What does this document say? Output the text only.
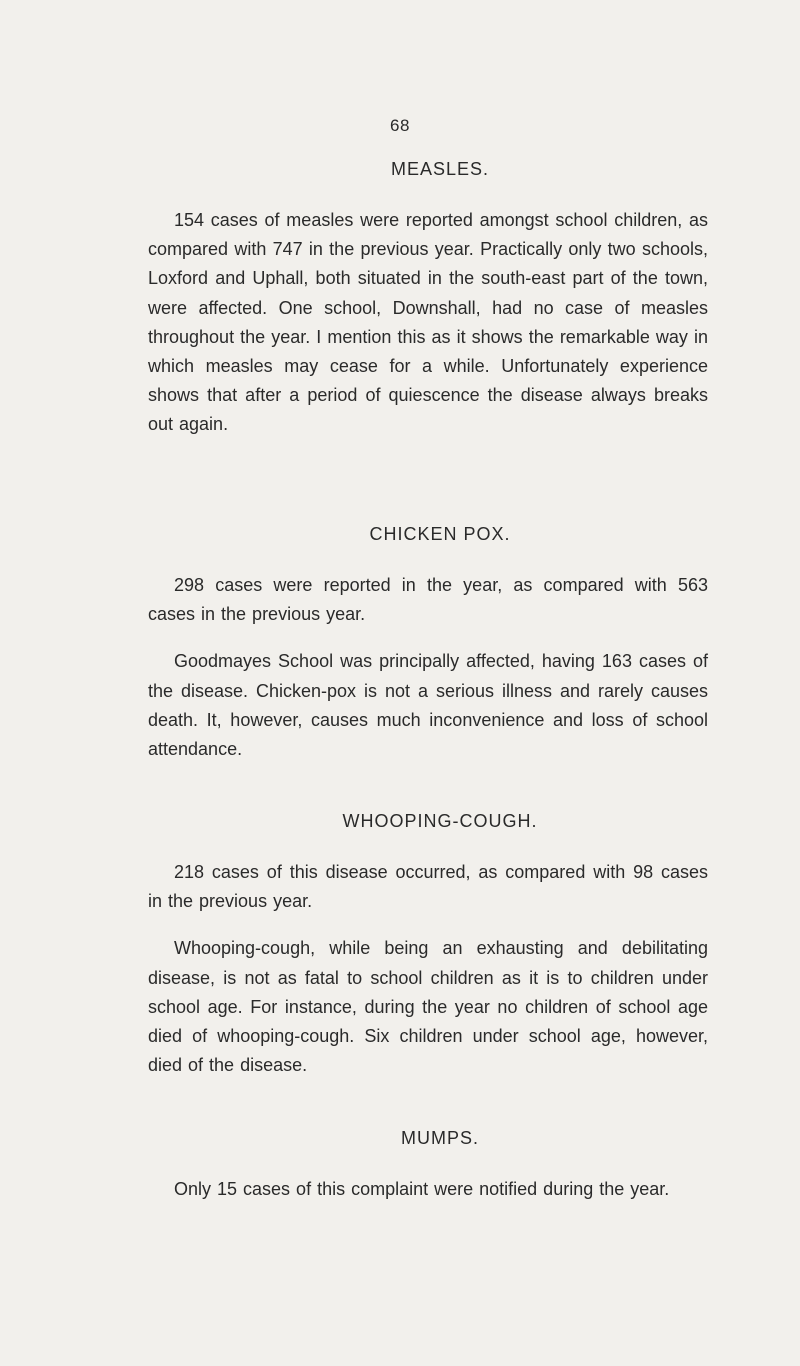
68
MEASLES.

154 cases of measles were reported amongst school children, as compared with 747 in the previous year. Practically only two schools, Loxford and Uphall, both situated in the south-east part of the town, were affected. One school, Downshall, had no case of measles throughout the year. I mention this as it shows the remarkable way in which measles may cease for a while. Unfortunately experience shows that after a period of quiescence the disease always breaks out again.

CHICKEN POX.

298 cases were reported in the year, as compared with 563 cases in the previous year.

Goodmayes School was principally affected, having 163 cases of the disease. Chicken-pox is not a serious illness and rarely causes death. It, however, causes much inconvenience and loss of school attendance.

WHOOPING-COUGH.

218 cases of this disease occurred, as compared with 98 cases in the previous year.

Whooping-cough, while being an exhausting and debilitating disease, is not as fatal to school children as it is to children under school age. For instance, during the year no children of school age died of whooping-cough. Six children under school age, however, died of the disease.

MUMPS.

Only 15 cases of this complaint were notified during the year.
